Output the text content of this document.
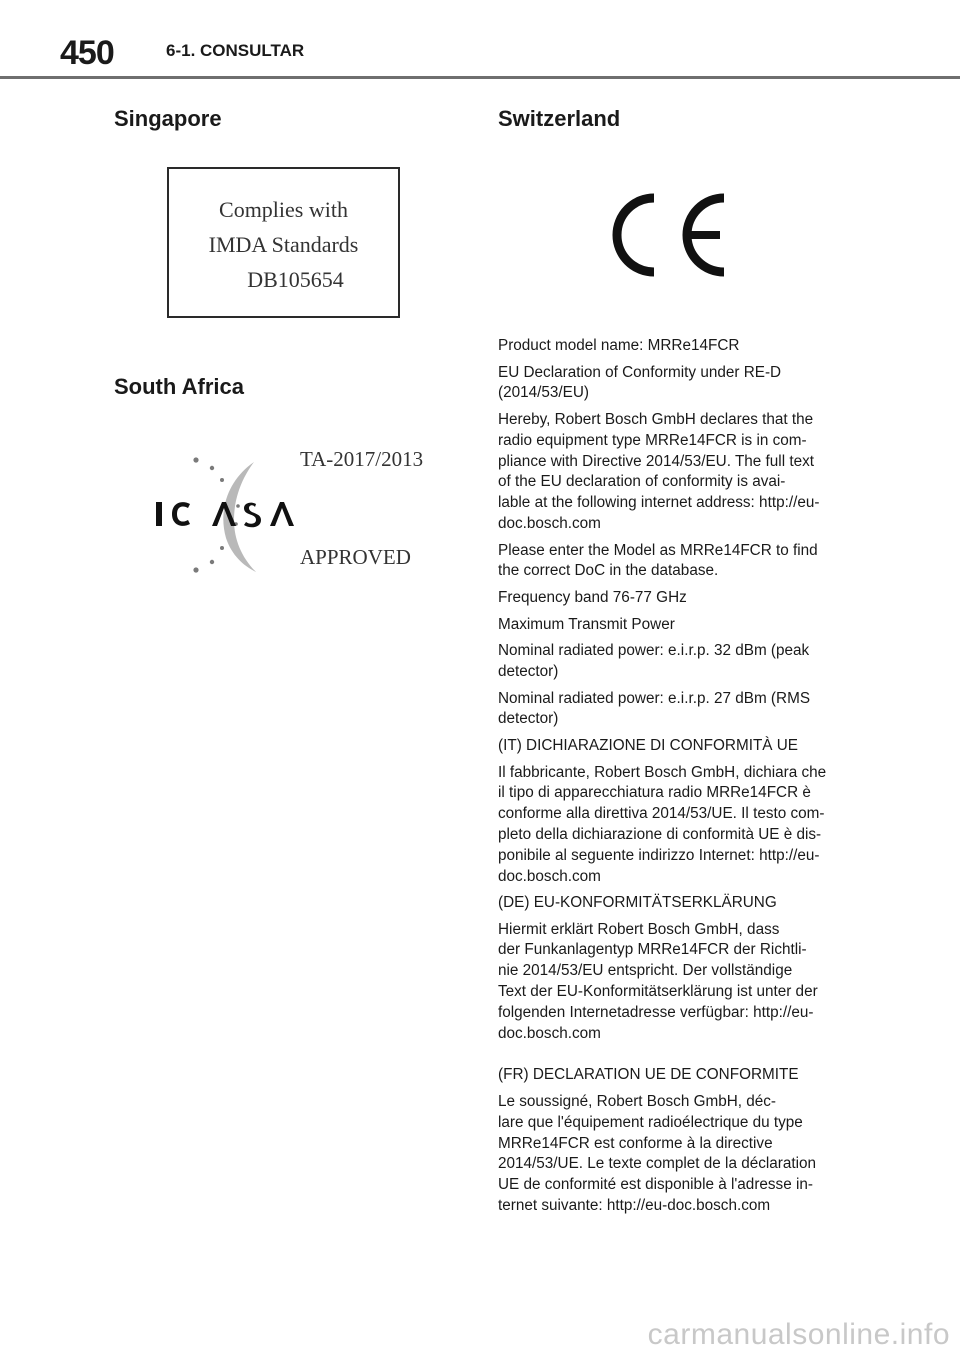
450	6-1. CONSULTAR
Singapore
Complies with
IMDA Standards
DB105654
South Africa
TA-2017/2013
APPROVED
Switzerland

Product model name: MRRe14FCR

EU Declaration of Conformity under RE-D
(2014/53/EU)

Hereby, Robert Bosch GmbH declares that the
radio equipment type MRRe14FCR is in com-
pliance with Directive 2014/53/EU. The full text
of the EU declaration of conformity is avai-
lable at the following internet address: http://eu-
doc.bosch.com

Please enter the Model as MRRe14FCR to find
the correct DoC in the database.

Frequency band 76-77 GHz

Maximum Transmit Power

Nominal radiated power: e.i.r.p. 32 dBm (peak
detector)

Nominal radiated power: e.i.r.p. 27 dBm (RMS
detector)

(IT) DICHIARAZIONE DI CONFORMITÀ UE

Il fabbricante, Robert Bosch GmbH, dichiara che
il tipo di apparecchiatura radio MRRe14FCR è
conforme alla direttiva 2014/53/UE. Il testo com-
pleto della dichiarazione di conformità UE è dis-
ponibile al seguente indirizzo Internet: http://eu-
doc.bosch.com

(DE) EU-KONFORMITÄTSERKLÄRUNG

Hiermit erklärt Robert Bosch GmbH, dass
der Funkanlagentyp MRRe14FCR der Richtli-
nie 2014/53/EU entspricht. Der vollständige
Text der EU-Konformitätserklärung ist unter der
folgenden Internetadresse verfügbar: http://eu-
doc.bosch.com

(FR) DECLARATION UE DE CONFORMITE

Le soussigné, Robert Bosch GmbH, déc-
lare que l'équipement radioélectrique du type
MRRe14FCR est conforme à la directive
2014/53/UE. Le texte complet de la déclaration
UE de conformité est disponible à l'adresse in-
ternet suivante: http://eu-doc.bosch.com

carmanualsonline.info
